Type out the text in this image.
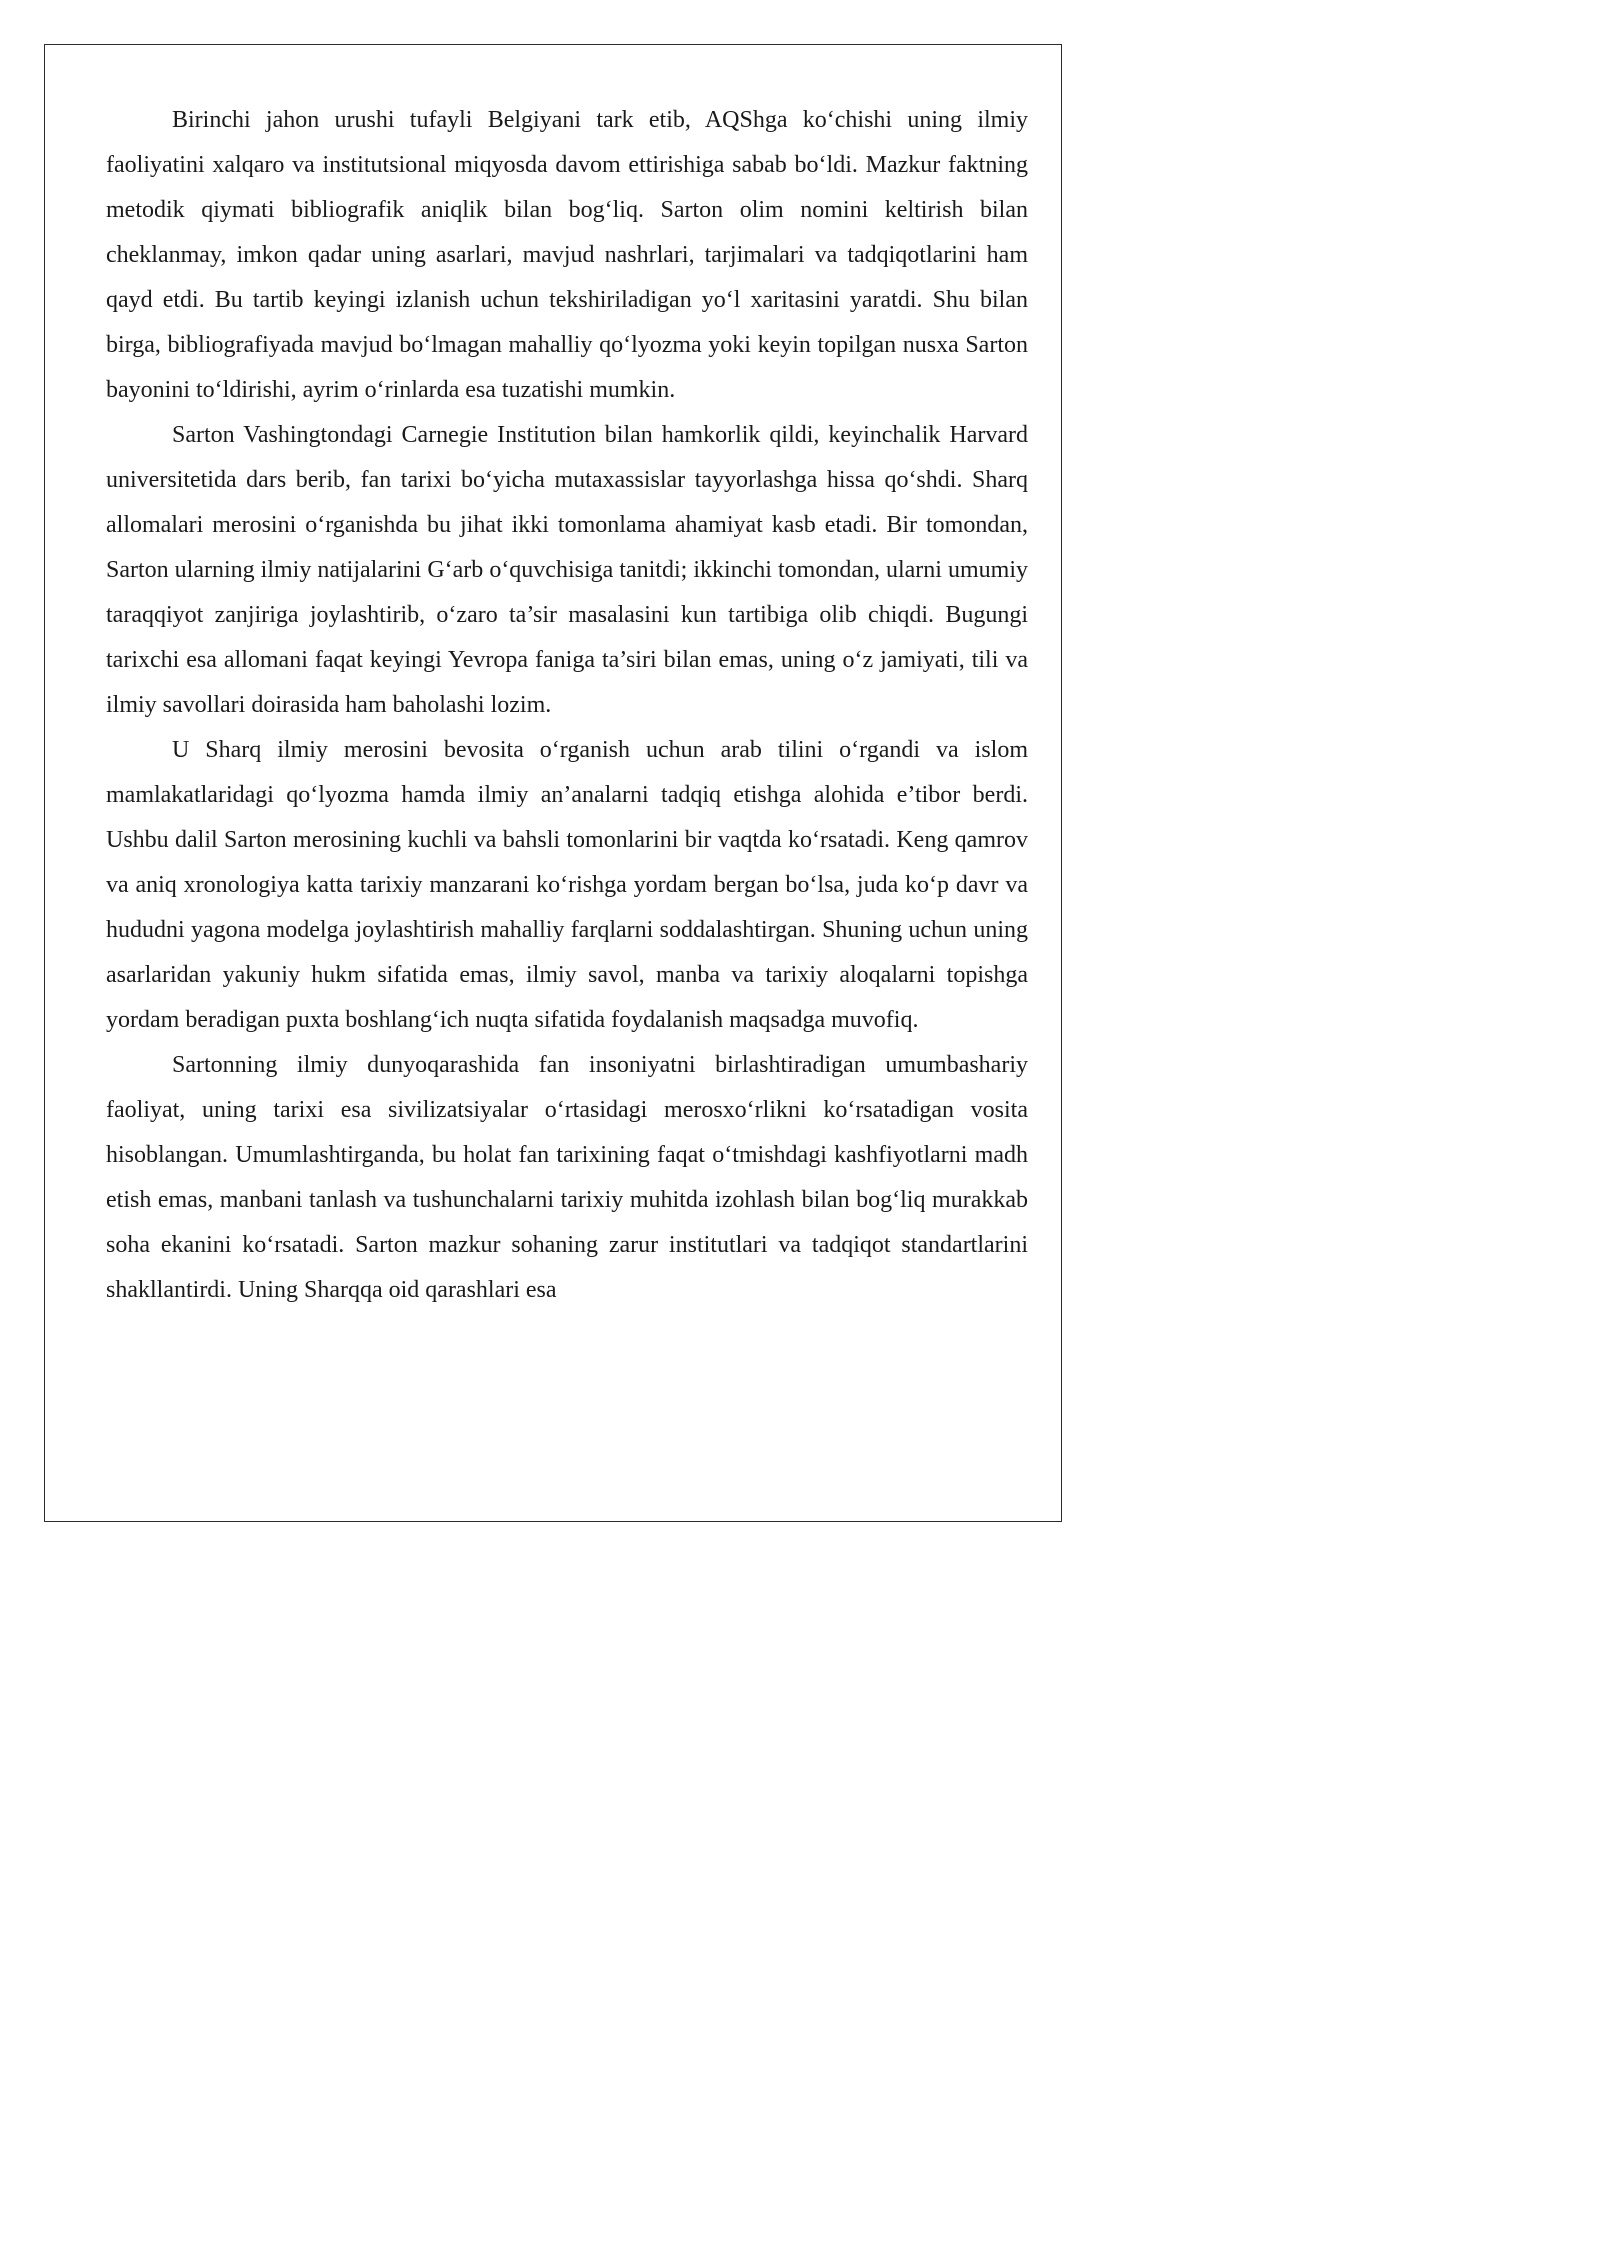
Birinchi jahon urushi tufayli Belgiyani tark etib, AQShga ko‘chishi uning ilmiy faoliyatini xalqaro va institutsional miqyosda davom ettirishiga sabab bo‘ldi. Mazkur faktning metodik qiymati bibliografik aniqlik bilan bog‘liq. Sarton olim nomini keltirish bilan cheklanmay, imkon qadar uning asarlari, mavjud nashrlari, tarjimalari va tadqiqotlarini ham qayd etdi. Bu tartib keyingi izlanish uchun tekshiriladigan yo‘l xaritasini yaratdi. Shu bilan birga, bibliografiyada mavjud bo‘lmagan mahalliy qo‘lyozma yoki keyin topilgan nusxa Sarton bayonini to‘ldirishi, ayrim o‘rinlarda esa tuzatishi mumkin.

Sarton Vashingtondagi Carnegie Institution bilan hamkorlik qildi, keyinchalik Harvard universitetida dars berib, fan tarixi bo‘yicha mutaxassislar tayyorlashga hissa qo‘shdi. Sharq allomalari merosini o‘rganishda bu jihat ikki tomonlama ahamiyat kasb etadi. Bir tomondan, Sarton ularning ilmiy natijalarini G‘arb o‘quvchisiga tanitdi; ikkinchi tomondan, ularni umumiy taraqqiyot zanjiriga joylashtirib, o‘zaro ta’sir masalasini kun tartibiga olib chiqdi. Bugungi tarixchi esa allomani faqat keyingi Yevropa faniga ta’siri bilan emas, uning o‘z jamiyati, tili va ilmiy savollari doirasida ham baholashi lozim.

U Sharq ilmiy merosini bevosita o‘rganish uchun arab tilini o‘rgandi va islom mamlakatlaridagi qo‘lyozma hamda ilmiy an’analarni tadqiq etishga alohida e’tibor berdi. Ushbu dalil Sarton merosining kuchli va bahsli tomonlarini bir vaqtda ko‘rsatadi. Keng qamrov va aniq xronologiya katta tarixiy manzarani ko‘rishga yordam bergan bo‘lsa, juda ko‘p davr va hududni yagona modelga joylashtirish mahalliy farqlarni soddalashtirgan. Shuning uchun uning asarlaridan yakuniy hukm sifatida emas, ilmiy savol, manba va tarixiy aloqalarni topishga yordam beradigan puxta boshlang‘ich nuqta sifatida foydalanish maqsadga muvofiq.

Sartonning ilmiy dunyoqarashida fan insoniyatni birlashtiradigan umumbashariy faoliyat, uning tarixi esa sivilizatsiyalar o‘rtasidagi merosxo‘rlikni ko‘rsatadigan vosita hisoblangan. Umumlashtirganda, bu holat fan tarixining faqat o‘tmishdagi kashfiyotlarni madh etish emas, manbani tanlash va tushunchalarni tarixiy muhitda izohlash bilan bog‘liq murakkab soha ekanini ko‘rsatadi. Sarton mazkur sohaning zarur institutlari va tadqiqot standartlarini shakllantirdi. Uning Sharqqa oid qarashlari esa
